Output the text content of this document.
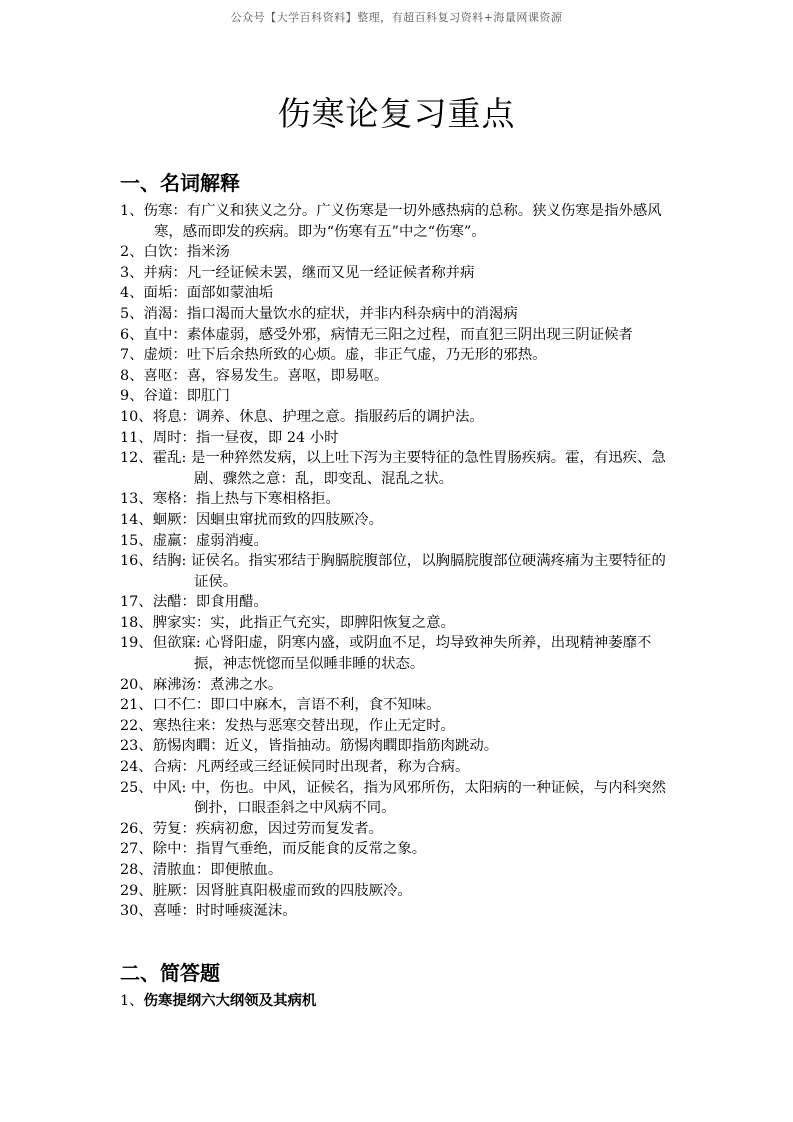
公众号【大学百科资料】整理，有超百科复习资料+海量网课资源
伤寒论复习重点
一、名词解释
1、伤寒：有广义和狭义之分。广义伤寒是一切外感热病的总称。狭义伤寒是指外感风寒，感而即发的疾病。即为“伤寒有五”中之“伤寒”。
2、白饮：指米汤
3、并病：凡一经证候未罢，继而又见一经证候者称并病
4、面垢：面部如蒙油垢
5、消渴：指口渴而大量饮水的症状，并非内科杂病中的消渴病
6、直中：素体虚弱，感受外邪，病情无三阳之过程，而直犯三阴出现三阴证候者
7、虚烦：吐下后余热所致的心烦。虚，非正气虚，乃无形的邪热。
8、喜呕：喜，容易发生。喜呕，即易呕。
9、谷道：即肛门
10、将息：调养、休息、护理之意。指服药后的调护法。
11、周时：指一昼夜，即 24 小时
12、霍乱: 是一种猝然发病，以上吐下泻为主要特征的急性胃肠疾病。霍，有迅疾、急剧、骤然之意：乱，即变乱、混乱之状。
13、寒格：指上热与下寒相格拒。
14、蛔厥：因蛔虫窜扰而致的四肢厥冷。
15、虚羸：虚弱消瘦。
16、结胸: 证侯名。指实邪结于胸膈脘腹部位，以胸膈脘腹部位硬满疼痛为主要特征的证侯。
17、法醋：即食用醋。
18、脾家实：实，此指正气充实，即脾阳恢复之意。
19、但欲寐: 心肾阳虚，阴寒内盛，或阴血不足，均导致神失所养，出现精神萎靡不振，神志恍惚而呈似睡非睡的状态。
20、麻沸汤：煮沸之水。
21、口不仁：即口中麻木，言语不利，食不知味。
22、寒热往来：发热与恶寒交替出现，作止无定时。
23、筋惕肉瞤：近义，皆指抽动。筋惕肉瞤即指筋肉跳动。
24、合病：凡两经或三经证候同时出现者，称为合病。
25、中风: 中，伤也。中风，证候名，指为风邪所伤，太阳病的一种证候，与内科突然倒扑，口眼歪斜之中风病不同。
26、劳复：疾病初愈，因过劳而复发者。
27、除中：指胃气垂绝，而反能食的反常之象。
28、清脓血：即便脓血。
29、脏厥：因肾脏真阳极虚而致的四肢厥冷。
30、喜唾：时时唾痰涎沫。
二、简答题
1、伤寒提纲六大纲领及其病机
